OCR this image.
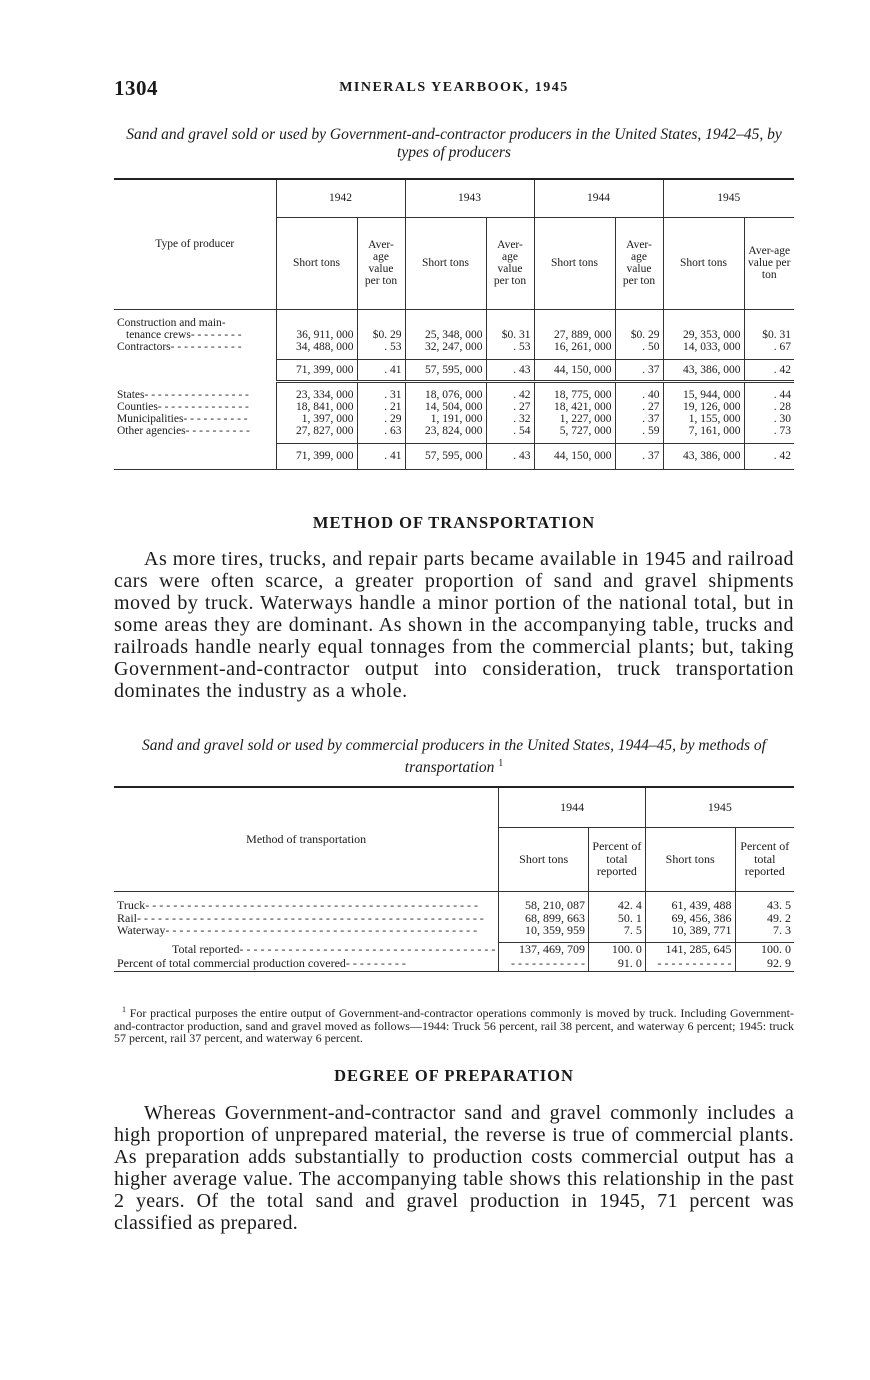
1304	MINERALS YEARBOOK, 1945
Sand and gravel sold or used by Government-and-contractor producers in the United States, 1942–45, by types of producers
Type of producer	1942		1943		1944		1945	
	Short tons	Aver-age value per ton	Short tons	Aver-age value per ton	Short tons	Aver-age value per ton	Short tons	Aver-age value per ton

Construction and main-								
tenance crews- - - - - - - -	36, 911, 000	$0. 29	25, 348, 000	$0. 31	27, 889, 000	$0. 29	29, 353, 000	$0. 31
Contractors- - - - - - - - - - -	34, 488, 000	. 53	32, 247, 000	. 53	16, 261, 000	. 50	14, 033, 000	. 67

	71, 399, 000	. 41	57, 595, 000	. 43	44, 150, 000	. 37	43, 386, 000	. 42

States- - - - - - - - - - - - - - - -	23, 334, 000	. 31	18, 076, 000	. 42	18, 775, 000	. 40	15, 944, 000	. 44
Counties- - - - - - - - - - - - - -	18, 841, 000	. 21	14, 504, 000	. 27	18, 421, 000	. 27	19, 126, 000	. 28
Municipalities- - - - - - - - - -	1, 397, 000	. 29	1, 191, 000	. 32	1, 227, 000	. 37	1, 155, 000	. 30
Other agencies- - - - - - - - - -	27, 827, 000	. 63	23, 824, 000	. 54	5, 727, 000	. 59	7, 161, 000	. 73

	71, 399, 000	. 41	57, 595, 000	. 43	44, 150, 000	. 37	43, 386, 000	. 42
METHOD OF TRANSPORTATION

As more tires, trucks, and repair parts became available in 1945 and railroad cars were often scarce, a greater proportion of sand and gravel shipments moved by truck. Waterways handle a minor portion of the national total, but in some areas they are dominant. As shown in the accompanying table, trucks and railroads handle nearly equal tonnages from the commercial plants; but, taking Government-and-contractor output into consideration, truck transportation dominates the industry as a whole.

Sand and gravel sold or used by commercial producers in the United States, 1944–45, by methods of transportation $^1$
Method of transportation	1944		1945	
	Short tons	Percent of total reported	Short tons	Percent of total reported

Truck- - - - - - - - - - - - - - - - - - - - - - - - - - - - - - - - - - - - - - - - - - - - - - - -	58, 210, 087	42. 4	61, 439, 488	43. 5
Rail- - - - - - - - - - - - - - - - - - - - - - - - - - - - - - - - - - - - - - - - - - - - - - - - - -	68, 899, 663	50. 1	69, 456, 386	49. 2
Waterway- - - - - - - - - - - - - - - - - - - - - - - - - - - - - - - - - - - - - - - - - - - - -	10, 359, 959	7. 5	10, 389, 771	7. 3

Total reported- - - - - - - - - - - - - - - - - - - - - - - - - - - - - - - - - - - - -	137, 469, 709	100. 0	141, 285, 645	100. 0
Percent of total commercial production covered- - - - - - - - -	- - - - - - - - - - -	91. 0	- - - - - - - - - - -	92. 9

$^1$ For practical purposes the entire output of Government-and-contractor operations commonly is moved by truck. Including Government-and-contractor production, sand and gravel moved as follows—1944: Truck 56 percent, rail 38 percent, and waterway 6 percent; 1945: truck 57 percent, rail 37 percent, and waterway 6 percent.

DEGREE OF PREPARATION

Whereas Government-and-contractor sand and gravel commonly includes a high proportion of unprepared material, the reverse is true of commercial plants. As preparation adds substantially to production costs commercial output has a higher average value. The accompanying table shows this relationship in the past 2 years. Of the total sand and gravel production in 1945, 71 percent was classified as prepared.
